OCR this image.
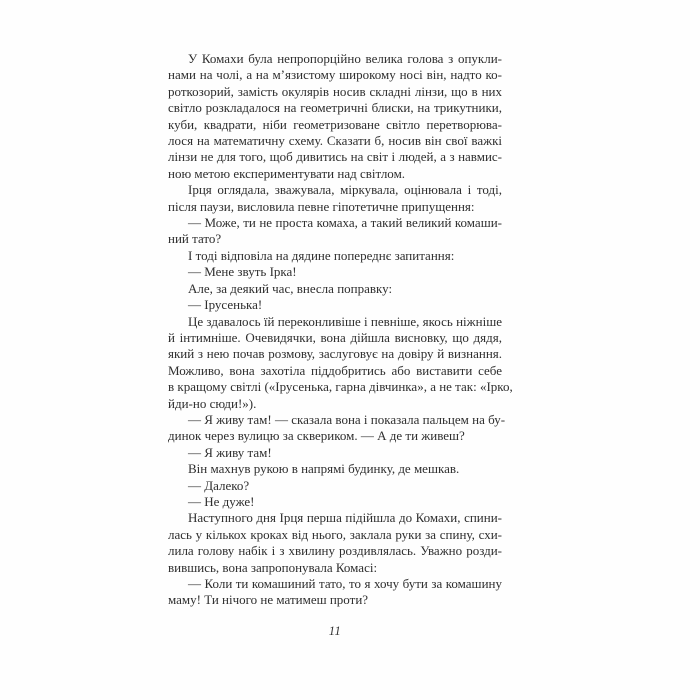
У Комахи була непропорційно велика голова з опукли-
нами на чолі, а на м’язистому широкому носі він, надто ко-
роткозорий, замість окулярів носив складні лінзи, що в них
світло розкладалося на геометричні блиски, на трикутники,
куби, квадрати, ніби геометризоване світло перетворюва-
лося на математичну схему. Сказати б, носив він свої важкі
лінзи не для того, щоб дивитись на світ і людей, а з навмис-
ною метою експериментувати над світлом.
Ірця оглядала, зважувала, міркувала, оцінювала і тоді,
після паузи, висловила певне гіпотетичне припущення:
— Може, ти не проста комаха, а такий великий комаши-
ний тато?
І тоді відповіла на дядине попереднє запитання:
— Мене звуть Ірка!
Але, за деякий час, внесла поправку:
— Ірусенька!
Це здавалось їй переконливіше і певніше, якось ніжніше
й інтимніше. Очевидячки, вона дійшла висновку, що дядя,
який з нею почав розмову, заслуговує на довіру й визнання.
Можливо, вона захотіла піддобритись або виставити себе
в кращому світлі («Ірусенька, гарна дівчинка», а не так: «Ірко,
йди-но сюди!»).
— Я живу там! — сказала вона і показала пальцем на бу-
динок через вулицю за сквериком. — А де ти живеш?
— Я живу там!
Він махнув рукою в напрямі будинку, де мешкав.
— Далеко?
— Не дуже!
Наступного дня Ірця перша підійшла до Комахи, спини-
лась у кількох кроках від нього, заклала руки за спину, схи-
лила голову набік і з хвилину роздивлялась. Уважно розди-
вившись, вона запропонувала Комасі:
— Коли ти комашиний тато, то я хочу бути за комашину
маму! Ти нічого не матимеш проти?
11
